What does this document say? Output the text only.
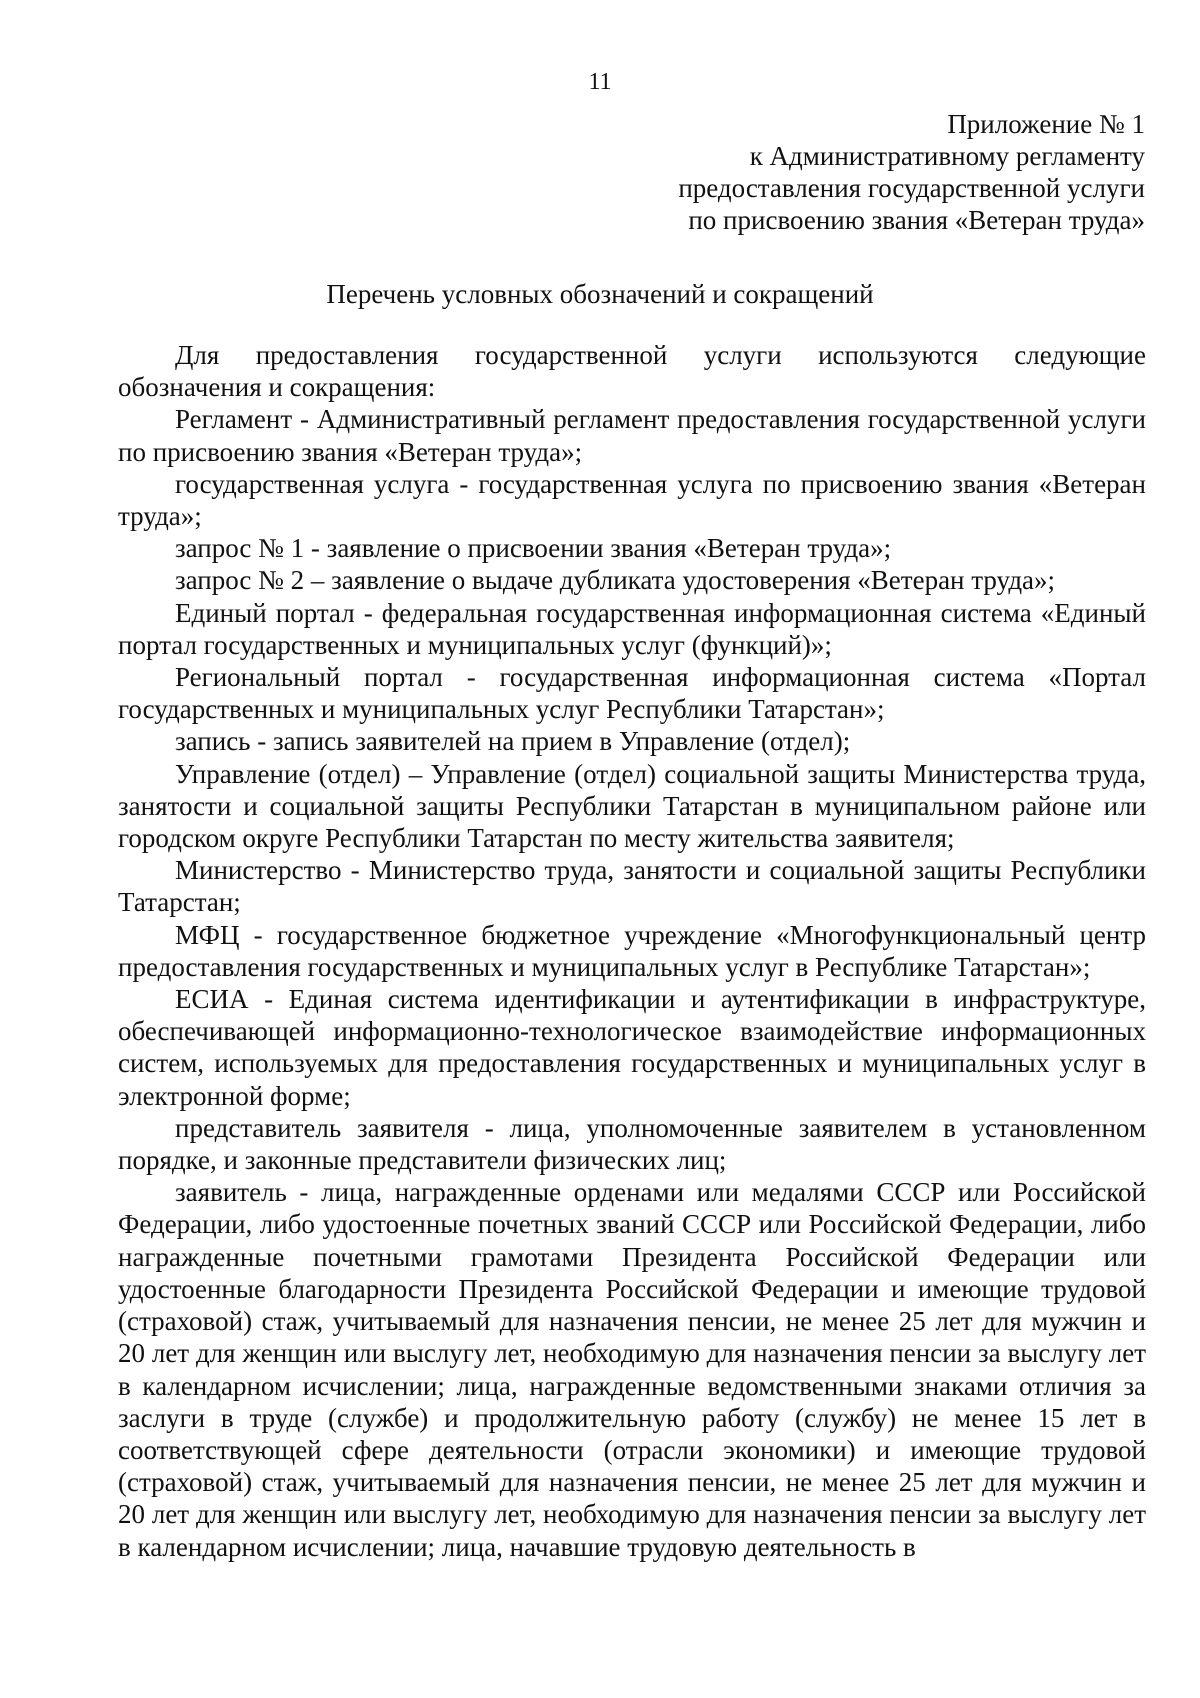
11
Приложение № 1
к Административному регламенту
предоставления государственной услуги
по присвоению звания «Ветеран труда»
Перечень условных обозначений и сокращений

Для предоставления государственной услуги используются следующие обозначения и сокращения:

Регламент - Административный регламент предоставления государственной услуги по присвоению звания «Ветеран труда»;

государственная услуга - государственная услуга по присвоению звания «Ветеран труда»;

запрос № 1 - заявление о присвоении звания «Ветеран труда»;

запрос № 2 – заявление о выдаче дубликата удостоверения «Ветеран труда»;

Единый портал - федеральная государственная информационная система «Единый портал государственных и муниципальных услуг (функций)»;

Региональный портал - государственная информационная система «Портал государственных и муниципальных услуг Республики Татарстан»;

запись - запись заявителей на прием в Управление (отдел);

Управление (отдел) – Управление (отдел) социальной защиты Министерства труда, занятости и социальной защиты Республики Татарстан в муниципальном районе или городском округе Республики Татарстан по месту жительства заявителя;

Министерство - Министерство труда, занятости и социальной защиты Республики Татарстан;

МФЦ - государственное бюджетное учреждение «Многофункциональный центр предоставления государственных и муниципальных услуг в Республике Татарстан»;

ЕСИА - Единая система идентификации и аутентификации в инфраструктуре, обеспечивающей информационно-технологическое взаимодействие информационных систем, используемых для предоставления государственных и муниципальных услуг в электронной форме;

представитель заявителя - лица, уполномоченные заявителем в установленном порядке, и законные представители физических лиц;

заявитель - лица, награжденные орденами или медалями СССР или Российской Федерации, либо удостоенные почетных званий СССР или Российской Федерации, либо награжденные почетными грамотами Президента Российской Федерации или удостоенные благодарности Президента Российской Федерации и имеющие трудовой (страховой) стаж, учитываемый для назначения пенсии, не менее 25 лет для мужчин и 20 лет для женщин или выслугу лет, необходимую для назначения пенсии за выслугу лет в календарном исчислении; лица, награжденные ведомственными знаками отличия за заслуги в труде (службе) и продолжительную работу (службу) не менее 15 лет в соответствующей сфере деятельности (отрасли экономики) и имеющие трудовой (страховой) стаж, учитываемый для назначения пенсии, не менее 25 лет для мужчин и 20 лет для женщин или выслугу лет, необходимую для назначения пенсии за выслугу лет в календарном исчислении; лица, начавшие трудовую деятельность в
